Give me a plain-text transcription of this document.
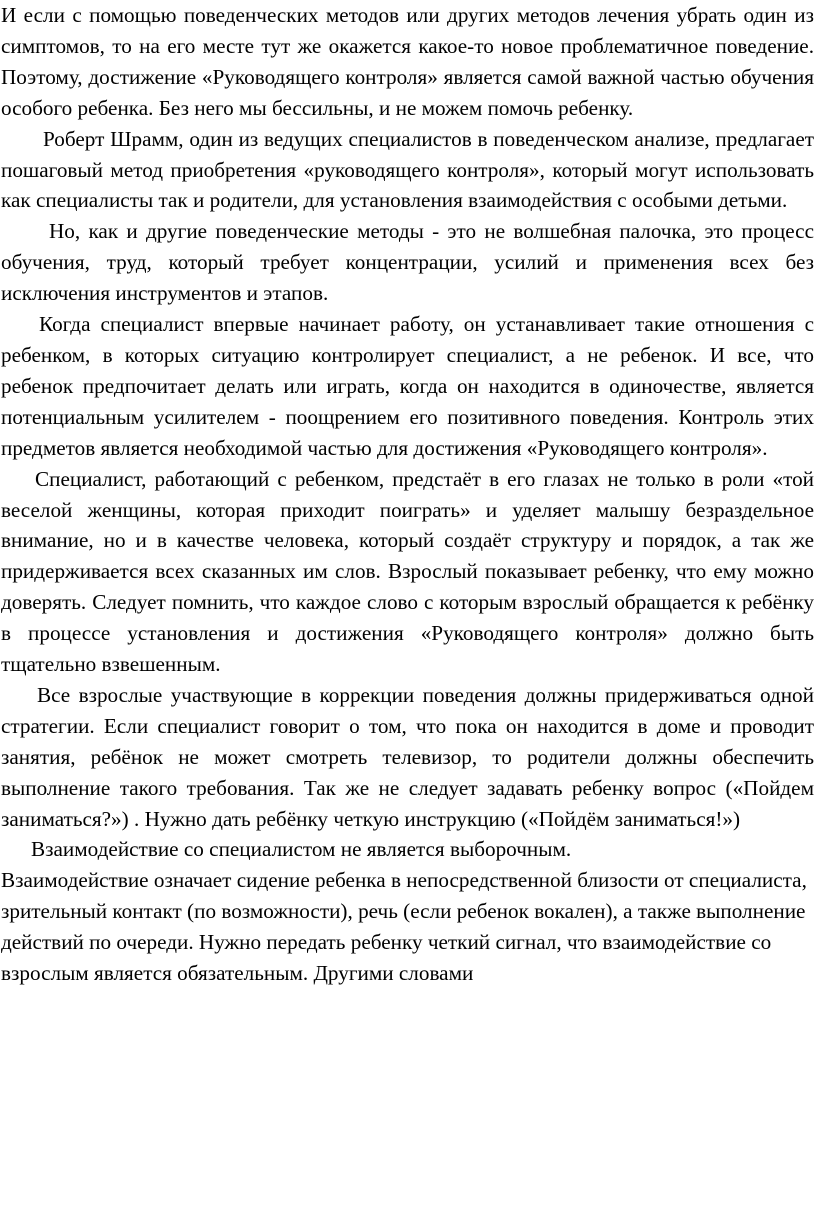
И если с помощью поведенческих методов или других методов лечения убрать один из симптомов, то на его месте тут же окажется какое-то новое проблематичное поведение. Поэтому, достижение «Руководящего контроля» является самой важной частью обучения особого ребенка. Без него мы бессильны, и не можем помочь ребенку.

Роберт Шрамм, один из ведущих специалистов в поведенческом анализе, предлагает пошаговый метод приобретения «руководящего контроля», который могут использовать как специалисты так и родители, для установления взаимодействия с особыми детьми.

Но, как и другие поведенческие методы - это не волшебная палочка, это процесс обучения, труд, который требует концентрации, усилий и применения всех без исключения инструментов и этапов.

Когда специалист впервые начинает работу, он устанавливает такие отношения с ребенком, в которых ситуацию контролирует специалист, а не ребенок. И все, что ребенок предпочитает делать или играть, когда он находится в одиночестве, является потенциальным усилителем - поощрением его позитивного поведения. Контроль этих предметов является необходимой частью для достижения «Руководящего контроля».

Специалист, работающий с ребенком, предстаёт в его глазах не только в роли «той веселой женщины, которая приходит поиграть» и уделяет малышу безраздельное внимание, но и в качестве человека, который создаёт структуру и порядок, а так же придерживается всех сказанных им слов. Взрослый показывает ребенку, что ему можно доверять. Следует помнить, что каждое слово с которым взрослый обращается к ребёнку в процессе установления и достижения «Руководящего контроля» должно быть тщательно взвешенным.

Все взрослые участвующие в коррекции поведения должны придерживаться одной стратегии. Если специалист говорит о том, что пока он находится в доме и проводит занятия, ребёнок не может смотреть телевизор, то родители должны обеспечить выполнение такого требования. Так же не следует задавать ребенку вопрос («Пойдем заниматься?») . Нужно дать ребёнку четкую инструкцию («Пойдём заниматься!»)

Взаимодействие со специалистом не является выборочным.

Взаимодействие означает сидение ребенка в непосредственной близости от специалиста, зрительный контакт (по возможности), речь (если ребенок вокален), а также выполнение действий по очереди. Нужно передать ребенку четкий сигнал, что взаимодействие со взрослым является обязательным. Другими словами
